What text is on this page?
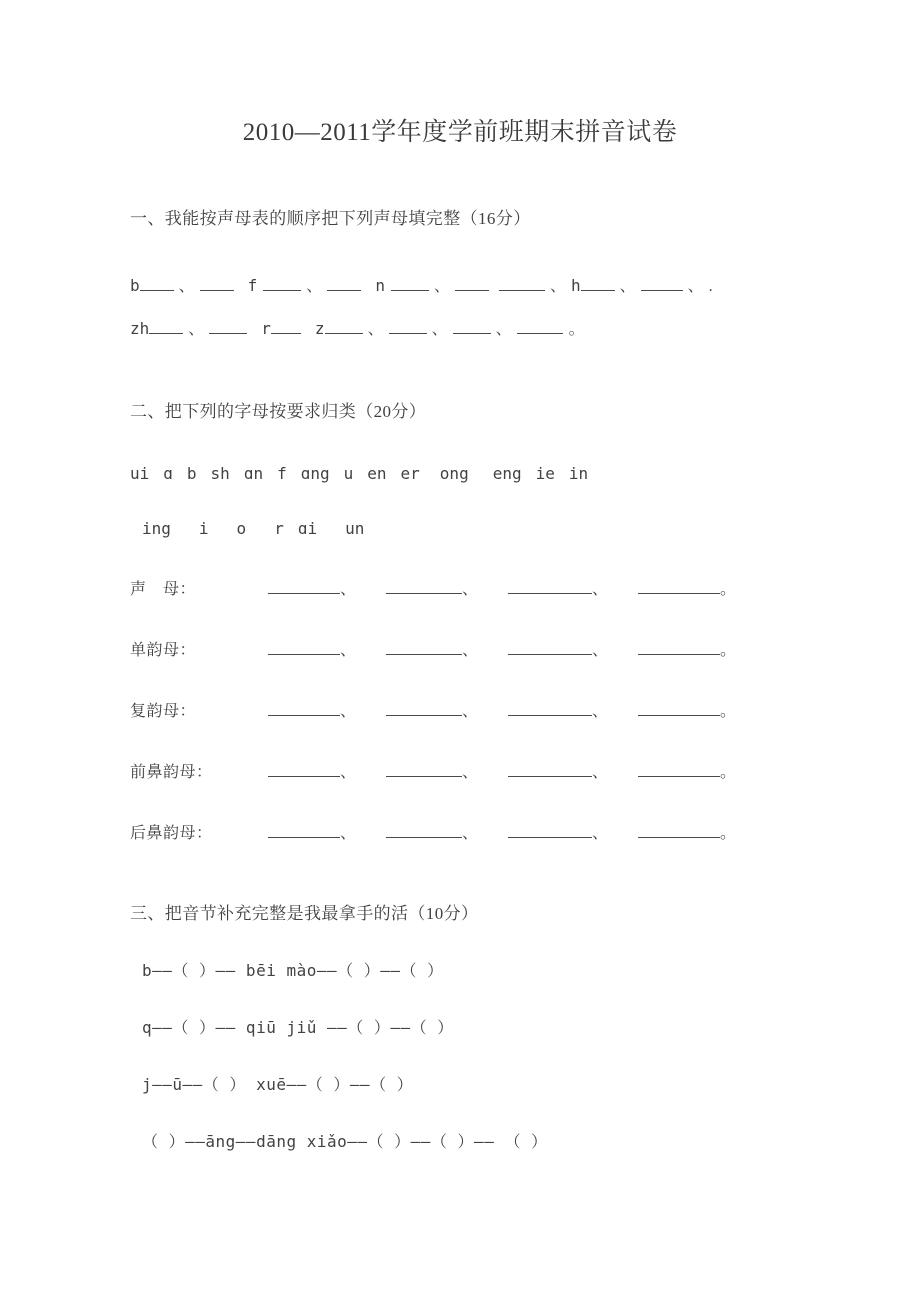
2010—2011学年度学前班期末拼音试卷
一、我能按声母表的顺序把下列声母填完整（16分）
b 、	f	、	n	、	、 h 、	、 .
zh 、	r	z	、	、	、	。
二、把下列的字母按要求归类（20分）
ui ɑ b sh ɑn f ɑng u en er ong eng ie in
ing i o r ɑi un
声　母：	、	、	、	。
单韵母：	、	、	、	。
复韵母：	、	、	、	。
前鼻韵母：	、	、	、	。
后鼻韵母：	、	、	、	。
三、把音节补充完整是我最拿手的活（10分）
b——（ ）—— bēi mào——（ ）——（ ）
q——（ ）—— qiū jiǔ ——（ ）——（ ）
j——ū——（ ） xuē——（ ）——（ ）
（ ）——āng——dāng xiǎo——（ ）——（ ）—— （ ）
